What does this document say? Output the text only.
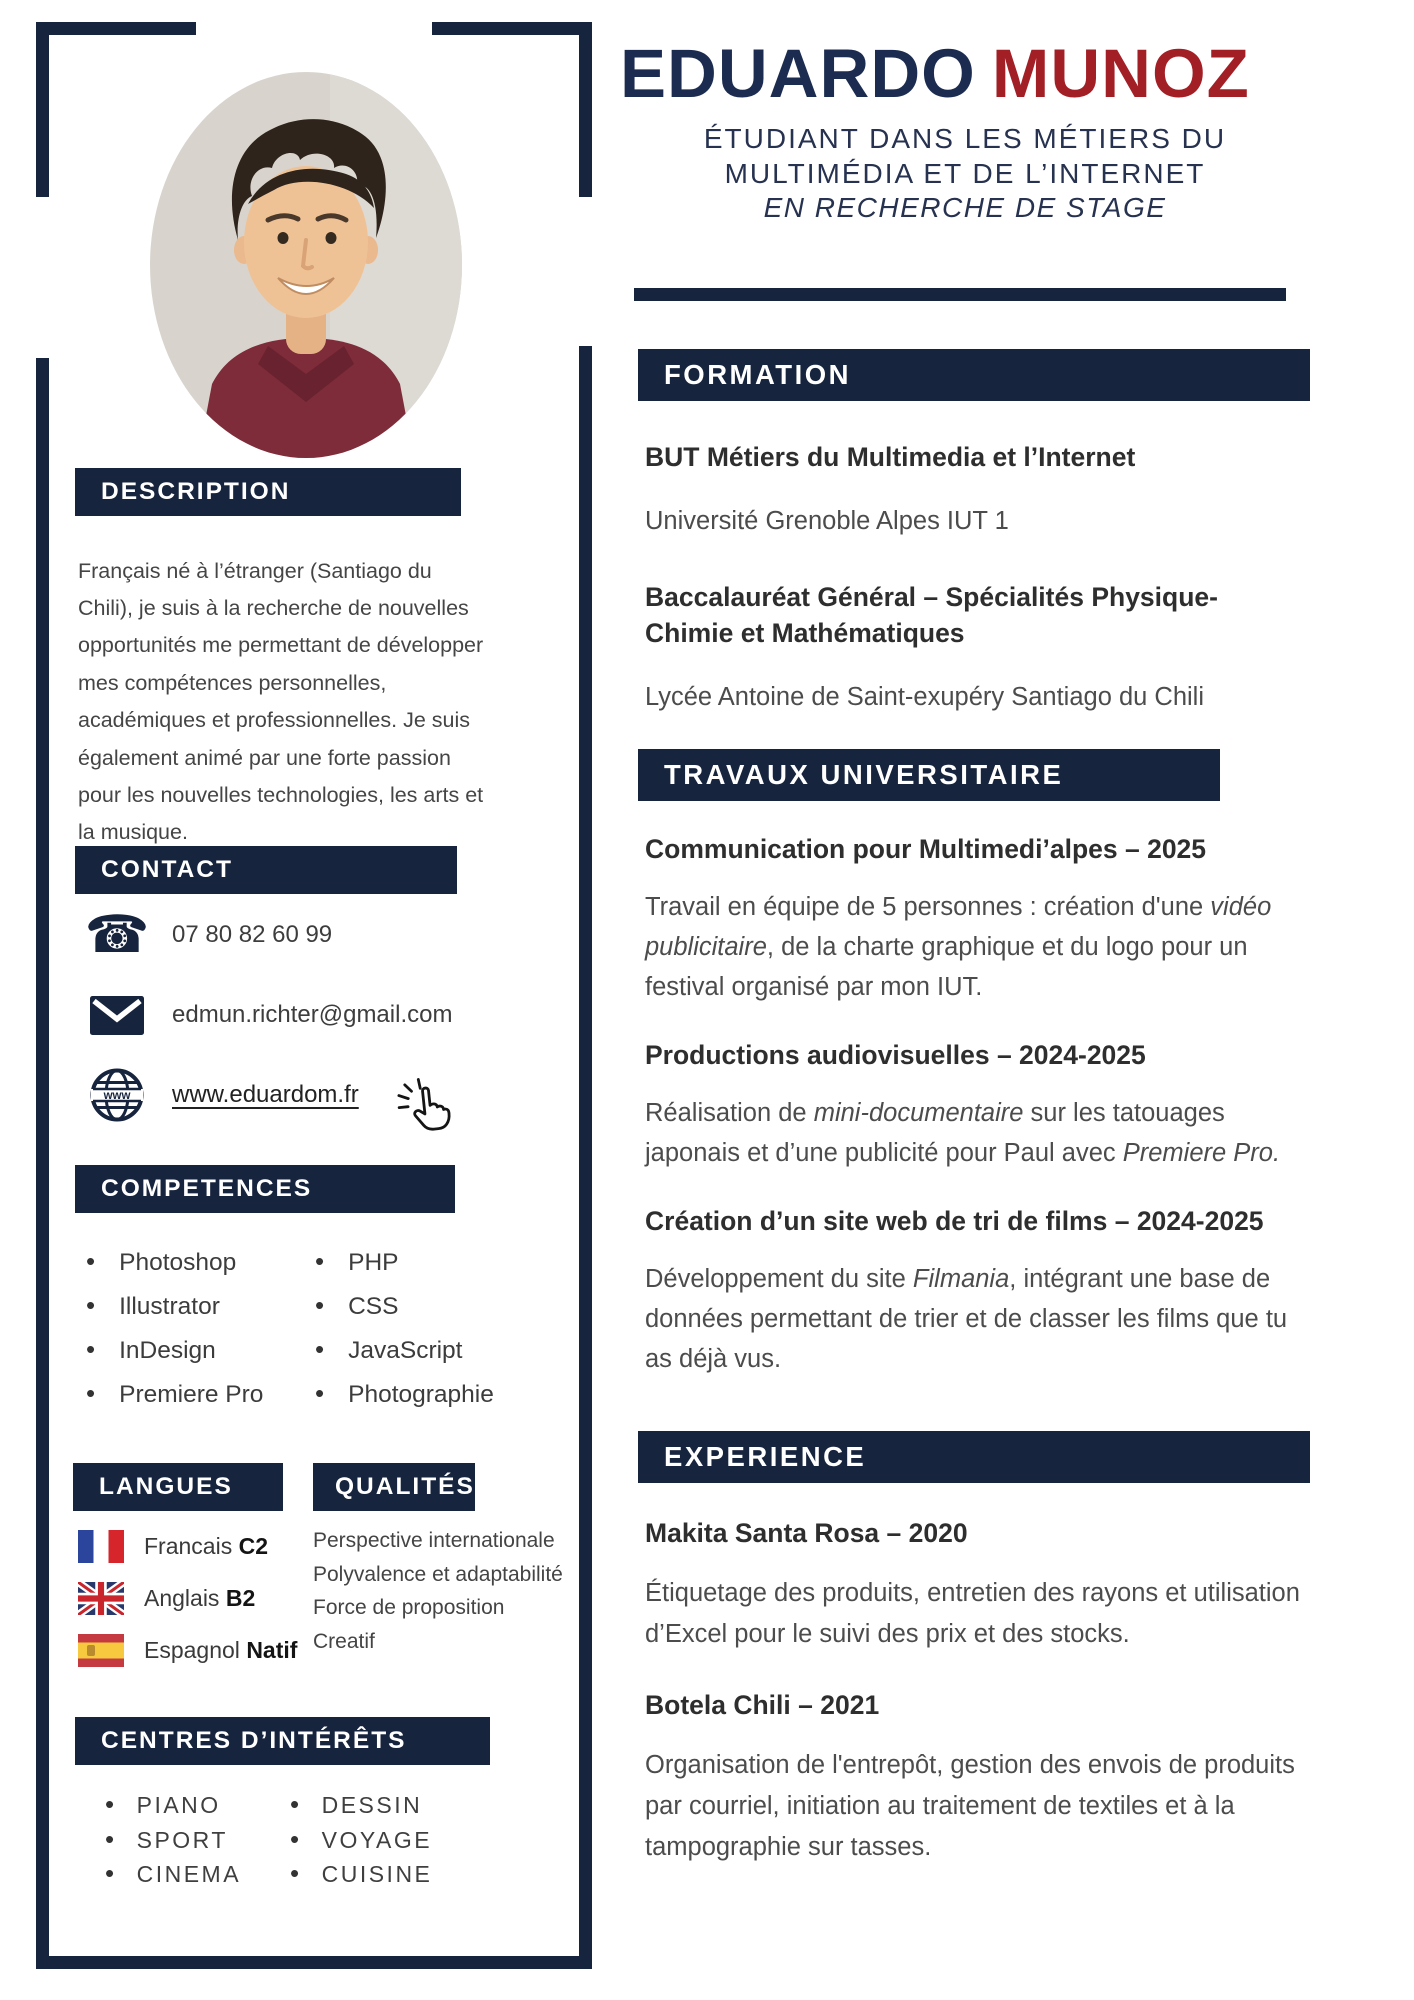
DESCRIPTION

Français né à l’étranger (Santiago du Chili), je suis à la recherche de nouvelles opportunités me permettant de développer mes compétences personnelles, académiques et professionnelles. Je suis également animé par une forte passion pour les nouvelles technologies, les arts et la musique.

CONTACT
☎ 07 80 82 60 99
edmun.richter@gmail.com
www www.eduardom.fr
COMPETENCES
• Photoshop
• Illustrator
• InDesign
• Premiere Pro
• PHP
• CSS
• JavaScript
• Photographie
LANGUES	QUALITÉS
Francais C2
Anglais B2
Espagnol Natif
Perspective internationale
Polyvalence et adaptabilité
Force de proposition
Creatif
CENTRES D’INTÉRÊTS
• PIANO
• SPORT
• CINEMA
• DESSIN
• VOYAGE
• CUISINE
EDUARDO MUNOZ
ÉTUDIANT DANS LES MÉTIERS DU
MULTIMÉDIA ET DE L’INTERNET
EN RECHERCHE DE STAGE
FORMATION
BUT Métiers du Multimedia et l’Internet

Université Grenoble Alpes IUT 1

Baccalauréat Général – Spécialités Physique-Chimie et Mathématiques

Lycée Antoine de Saint-exupéry Santiago du Chili

TRAVAUX UNIVERSITAIRE
Communication pour Multimedi’alpes – 2025

Travail en équipe de 5 personnes : création d'une vidéo publicitaire, de la charte graphique et du logo pour un festival organisé par mon IUT.

Productions audiovisuelles – 2024-2025

Réalisation de mini-documentaire sur les tatouages japonais et d’une publicité pour Paul avec Premiere Pro.

Création d’un site web de tri de films – 2024-2025

Développement du site Filmania, intégrant une base de données permettant de trier et de classer les films que tu as déjà vus.

EXPERIENCE
Makita Santa Rosa – 2020

Étiquetage des produits, entretien des rayons et utilisation d’Excel pour le suivi des prix et des stocks.

Botela Chili – 2021

Organisation de l'entrepôt, gestion des envois de produits par courriel, initiation au traitement de textiles et à la tampographie sur tasses.
